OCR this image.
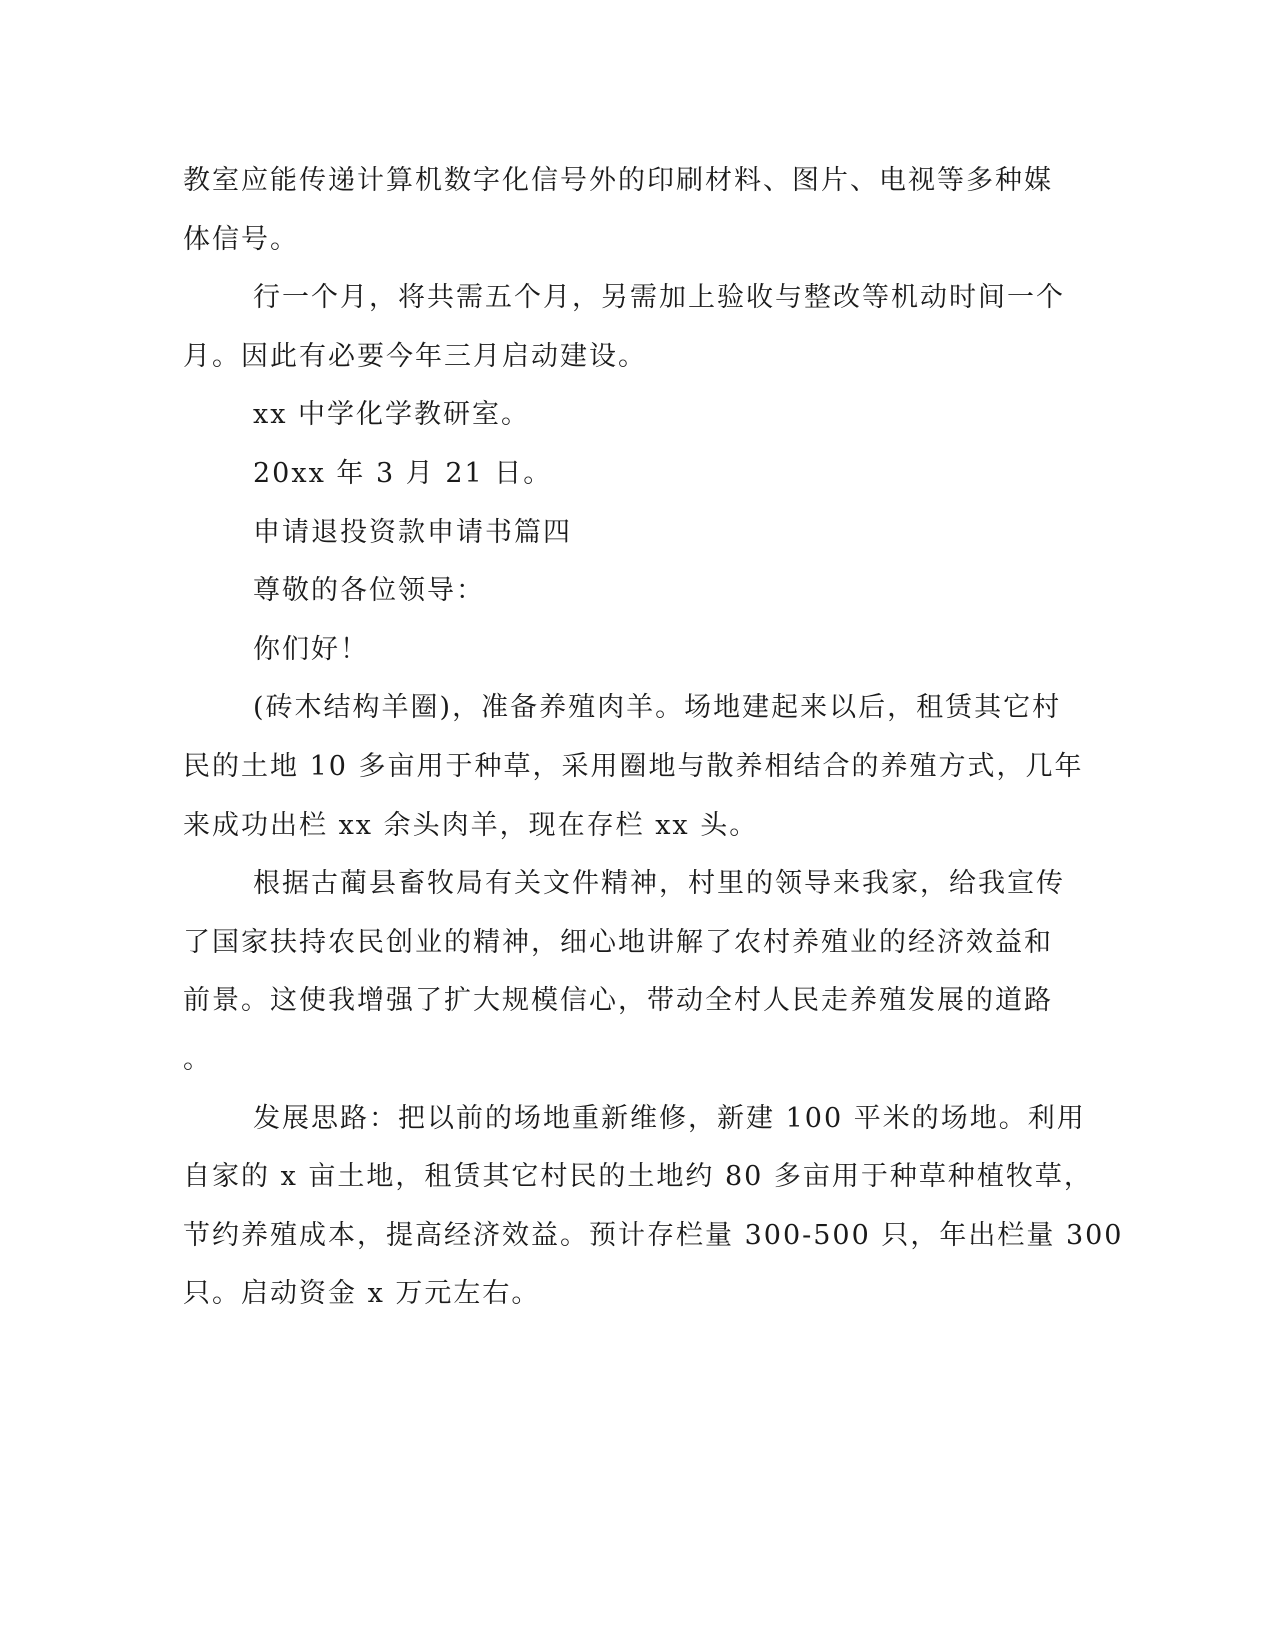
教室应能传递计算机数字化信号外的印刷材料、图片、电视等多种媒
体信号。
行一个月，将共需五个月，另需加上验收与整改等机动时间一个
月。因此有必要今年三月启动建设。
xx 中学化学教研室。
20xx 年 3 月 21 日。
申请退投资款申请书篇四
尊敬的各位领导：
你们好！
(砖木结构羊圈)，准备养殖肉羊。场地建起来以后，租赁其它村
民的土地 10 多亩用于种草，采用圈地与散养相结合的养殖方式，几年
来成功出栏 xx 余头肉羊，现在存栏 xx 头。
根据古蔺县畜牧局有关文件精神，村里的领导来我家，给我宣传
了国家扶持农民创业的精神，细心地讲解了农村养殖业的经济效益和
前景。这使我增强了扩大规模信心，带动全村人民走养殖发展的道路
。
发展思路：把以前的场地重新维修，新建 100 平米的场地。利用
自家的 x 亩土地，租赁其它村民的土地约 80 多亩用于种草种植牧草，
节约养殖成本，提高经济效益。预计存栏量 300-500 只，年出栏量 300
只。启动资金 x 万元左右。
